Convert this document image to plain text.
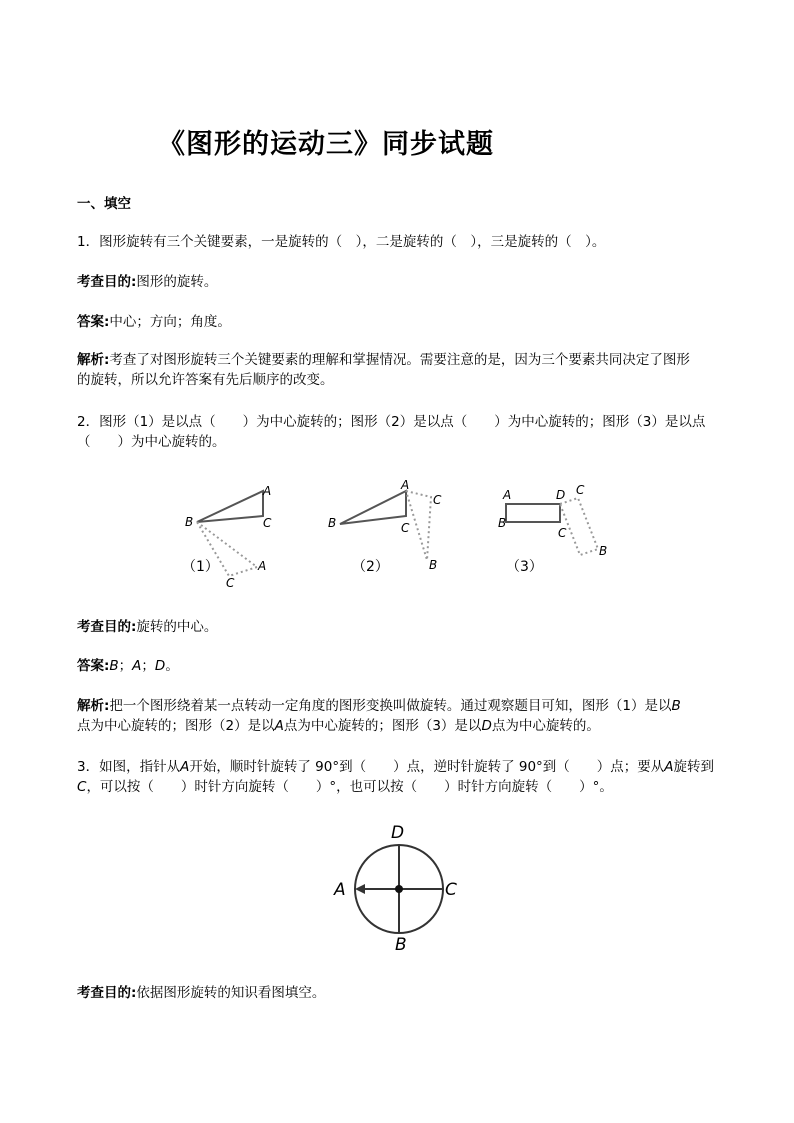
《图形的运动三》同步试题
一、填空
1．图形旋转有三个关键要素，一是旋转的（　），二是旋转的（　），三是旋转的（　）。
考查目的:图形的旋转。
答案:中心；方向；角度。
解析:考查了对图形旋转三个关键要素的理解和掌握情况。需要注意的是，因为三个要素共同决定了图形
的旋转，所以允许答案有先后顺序的改变。
2．图形（1）是以点（　　）为中心旋转的；图形（2）是以点（　　）为中心旋转的；图形（3）是以点
（　　）为中心旋转的。
A
B	C
A
C
（1）
A
B	C
C
B
（2）
A
B
D
C
C
B
（3）
考查目的:旋转的中心。
答案:B；A；D。
解析:把一个图形绕着某一点转动一定角度的图形变换叫做旋转。通过观察题目可知，图形（1）是以B
点为中心旋转的；图形（2）是以A点为中心旋转的；图形（3）是以D点为中心旋转的。
3．如图，指针从A开始，顺时针旋转了 90°到（　　）点，逆时针旋转了 90°到（　　）点；要从A旋转到
C，可以按（　　）时针方向旋转（　　）°，也可以按（　　）时针方向旋转（　　）°。
D
A	C
B
考查目的:依据图形旋转的知识看图填空。
